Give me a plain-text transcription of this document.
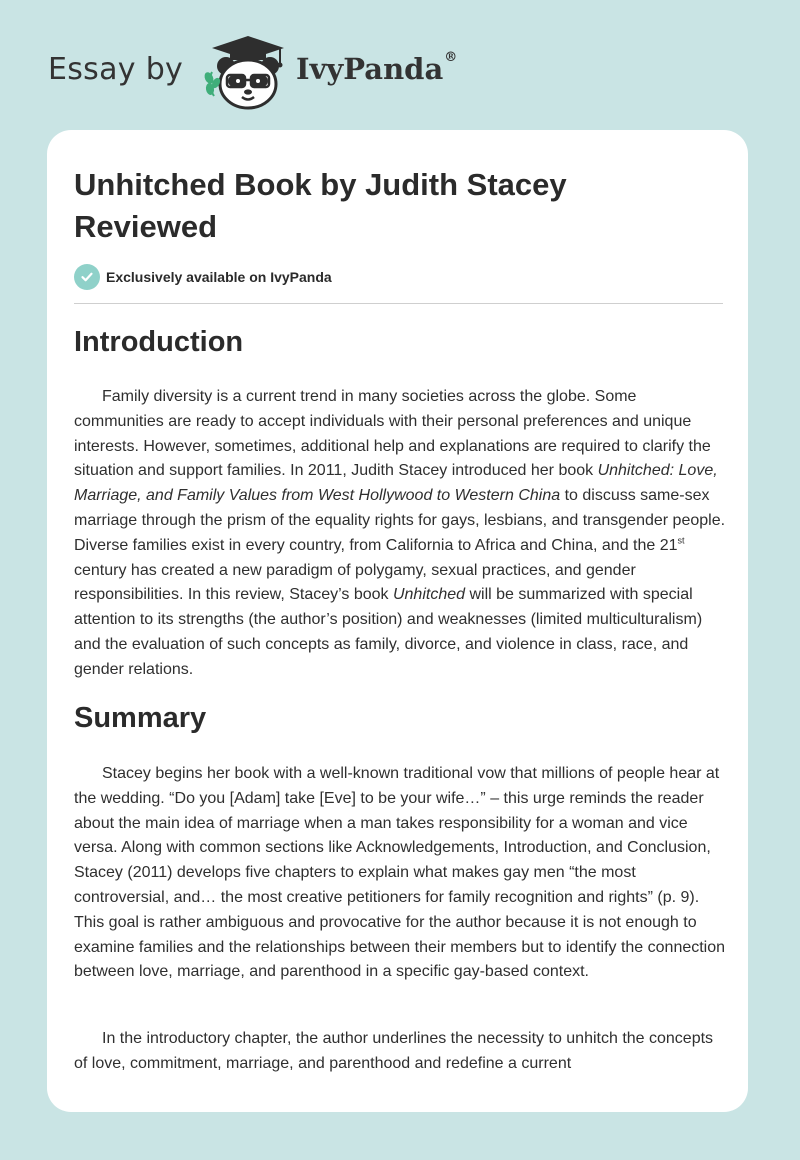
Essay by	IvyPanda®
Unhitched Book by Judith Stacey Reviewed
Exclusively available on IvyPanda
Introduction

Family diversity is a current trend in many societies across the globe. Some communities are ready to accept individuals with their personal preferences and unique interests. However, sometimes, additional help and explanations are required to clarify the situation and support families. In 2011, Judith Stacey introduced her book Unhitched: Love, Marriage, and Family Values from West Hollywood to Western China to discuss same-sex marriage through the prism of the equality rights for gays, lesbians, and transgender people. Diverse families exist in every country, from California to Africa and China, and the 21st century has created a new paradigm of polygamy, sexual practices, and gender responsibilities. In this review, Stacey’s book Unhitched will be summarized with special attention to its strengths (the author’s position) and weaknesses (limited multiculturalism) and the evaluation of such concepts as family, divorce, and violence in class, race, and gender relations.

Summary

Stacey begins her book with a well-known traditional vow that millions of people hear at the wedding. “Do you [Adam] take [Eve] to be your wife…” – this urge reminds the reader about the main idea of marriage when a man takes responsibility for a woman and vice versa. Along with common sections like Acknowledgements, Introduction, and Conclusion, Stacey (2011) develops five chapters to explain what makes gay men “the most controversial, and… the most creative petitioners for family recognition and rights” (p. 9). This goal is rather ambiguous and provocative for the author because it is not enough to examine families and the relationships between their members but to identify the connection between love, marriage, and parenthood in a specific gay-based context.

In the introductory chapter, the author underlines the necessity to unhitch the concepts of love, commitment, marriage, and parenthood and redefine a current
